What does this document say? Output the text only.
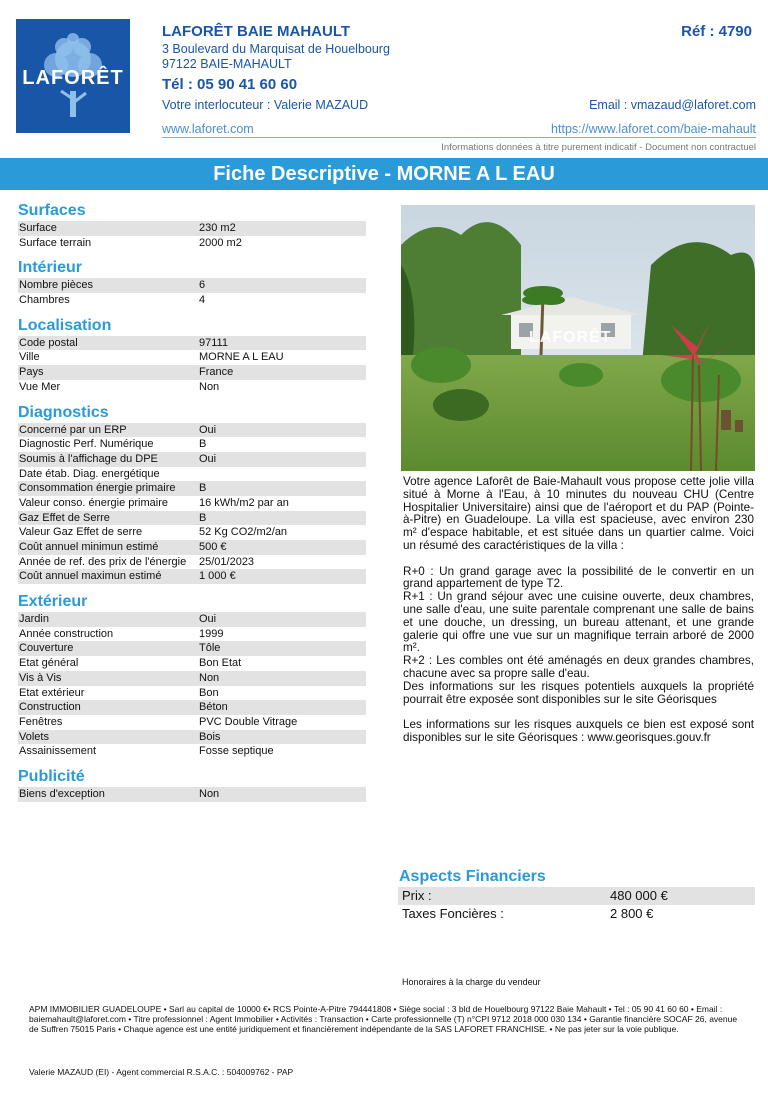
LAFORÊT
LAFORÊT BAIE MAHAULT	Réf : 4790
3 Boulevard du Marquisat de Houelbourg
97122 BAIE-MAHAULT
Tél : 05 90 41 60 60
Votre interlocuteur : Valerie MAZAUD	Email : vmazaud@laforet.com
www.laforet.com	https://www.laforet.com/baie-mahault
Informations données à titre purement indicatif - Document non contractuel
Fiche Descriptive - MORNE A L EAU
Surfaces
Surface	230 m2
Surface terrain	2000 m2
Intérieur
Nombre pièces	6
Chambres	4
Localisation
Code postal	97111
Ville	MORNE A L EAU
Pays	France
Vue Mer	Non
Diagnostics
Concerné par un ERP	Oui
Diagnostic Perf. Numérique	B
Soumis à l'affichage du DPE	Oui
Date étab. Diag. energétique
Consommation énergie primaire	B
Valeur conso. énergie primaire	16 kWh/m2 par an
Gaz Effet de Serre	B
Valeur Gaz Effet de serre	52 Kg CO2/m2/an
Coût annuel minimun estimé	500 €
Année de ref. des prix de l'énergie	25/01/2023
Coût annuel maximun estimé	1 000 €
Extérieur
Jardin	Oui
Année construction	1999
Couverture	Tôle
Etat général	Bon Etat
Vis à Vis	Non
Etat extérieur	Bon
Construction	Béton
Fenêtres	PVC Double Vitrage
Volets	Bois
Assainissement	Fosse septique
Publicité
Biens d'exception	Non
LAFORÊT

Votre agence Laforêt de Baie-Mahault vous propose cette jolie villa situé à Morne à l'Eau, à 10 minutes du nouveau CHU (Centre Hospitalier Universitaire) ainsi que de l'aéroport et du PAP (Pointe-à-Pitre) en Guadeloupe. La villa est spacieuse, avec environ 230 m² d'espace habitable, et est située dans un quartier calme. Voici un résumé des caractéristiques de la villa :

R+0 : Un grand garage avec la possibilité de le convertir en un grand appartement de type T2.

R+1 : Un grand séjour avec une cuisine ouverte, deux chambres, une salle d'eau, une suite parentale comprenant une salle de bains et une douche, un dressing, un bureau attenant, et une grande galerie qui offre une vue sur un magnifique terrain arboré de 2000 m².

R+2 : Les combles ont été aménagés en deux grandes chambres, chacune avec sa propre salle d'eau.

Des informations sur les risques potentiels auxquels la propriété pourrait être exposée sont disponibles sur le site Géorisques

Les informations sur les risques auxquels ce bien est exposé sont disponibles sur le site Géorisques : www.georisques.gouv.fr

Aspects Financiers
Prix :	480 000 €
Taxes Foncières :	2 800 €
Honoraires à la charge du vendeur
APM IMMOBILIER GUADELOUPE • Sarl au capital de 10000 €• RCS Pointe-A-Pitre 794441808 • Siège social : 3 bld de Houelbourg 97122 Baie Mahault • Tel : 05 90 41 60 60 • Email : baiemahault@laforet.com • Titre professionnel : Agent Immobilier • Activités : Transaction • Carte professionnelle (T) n°CPI 9712 2018 000 030 134 • Garantie financière SOCAF 26, avenue de Suffren 75015 Paris • Chaque agence est une entité juridiquement et financièrement indépendante de la SAS LAFORET FRANCHISE. • Ne pas jeter sur la voie publique.
Valerie MAZAUD (EI) - Agent commercial R.S.A.C. : 504009762 - PAP
